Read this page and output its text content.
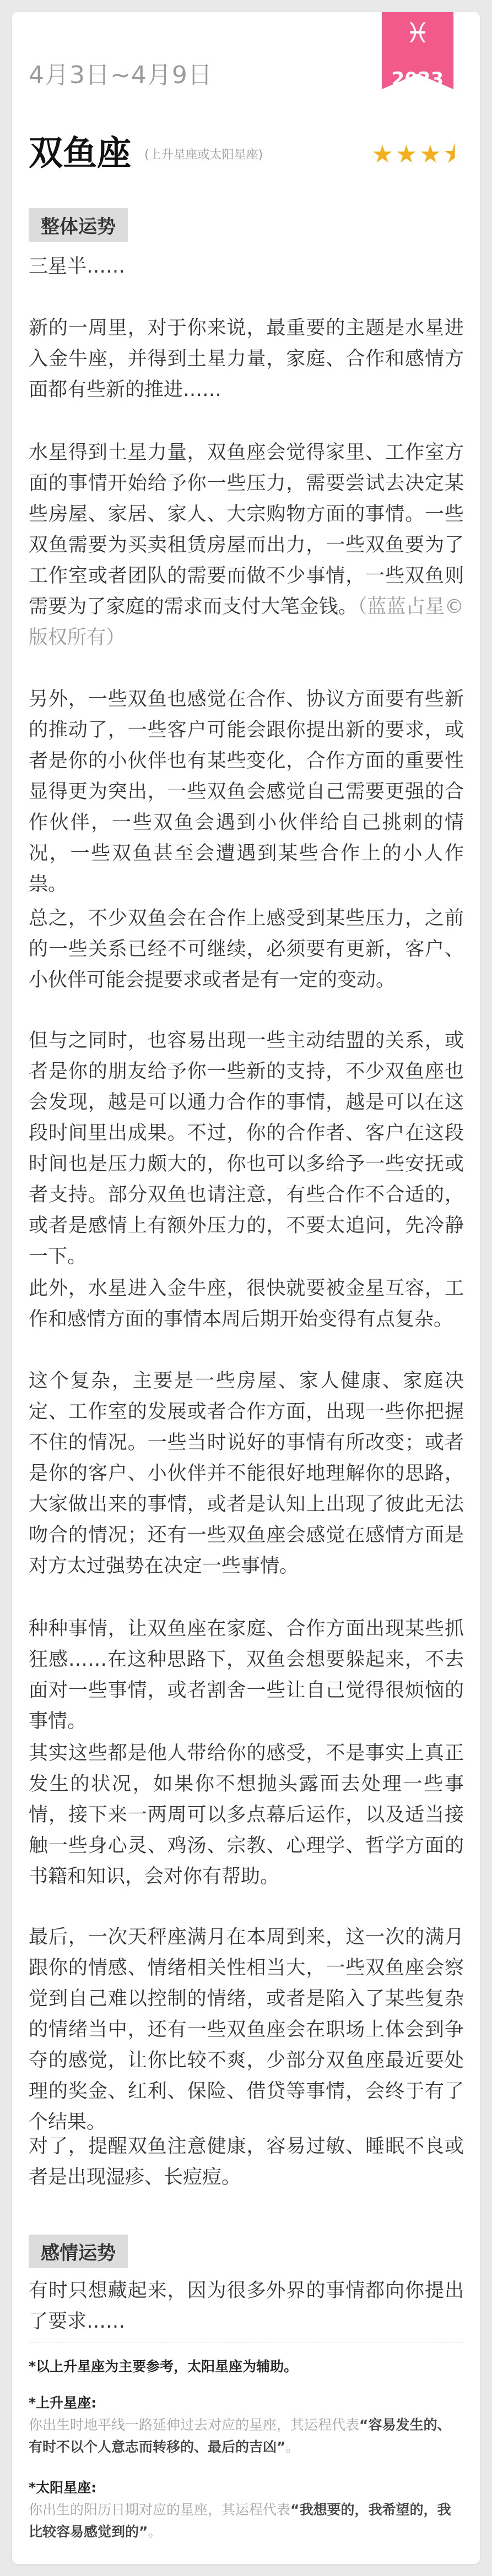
4月3日~4月9日
♓
2023
双鱼座 (上升星座或太阳星座)	★★★⯨
整体运势

三星半……

新的一周里，对于你来说，最重要的主题是水星进入金牛座，并得到土星力量，家庭、合作和感情方面都有些新的推进……

水星得到土星力量，双鱼座会觉得家里、工作室方面的事情开始给予你一些压力，需要尝试去决定某些房屋、家居、家人、大宗购物方面的事情。一些双鱼需要为买卖租赁房屋而出力，一些双鱼要为了工作室或者团队的需要而做不少事情，一些双鱼则需要为了家庭的需求而支付大笔金钱。（蓝蓝占星©版权所有）

另外，一些双鱼也感觉在合作、协议方面要有些新的推动了，一些客户可能会跟你提出新的要求，或者是你的小伙伴也有某些变化，合作方面的重要性显得更为突出，一些双鱼会感觉自己需要更强的合作伙伴，一些双鱼会遇到小伙伴给自己挑刺的情况，一些双鱼甚至会遭遇到某些合作上的小人作祟。

总之，不少双鱼会在合作上感受到某些压力，之前的一些关系已经不可继续，必须要有更新，客户、小伙伴可能会提要求或者是有一定的变动。

但与之同时，也容易出现一些主动结盟的关系，或者是你的朋友给予你一些新的支持，不少双鱼座也会发现，越是可以通力合作的事情，越是可以在这段时间里出成果。不过，你的合作者、客户在这段时间也是压力颇大的，你也可以多给予一些安抚或者支持。部分双鱼也请注意，有些合作不合适的，或者是感情上有额外压力的，不要太追问，先冷静一下。

此外，水星进入金牛座，很快就要被金星互容，工作和感情方面的事情本周后期开始变得有点复杂。

这个复杂，主要是一些房屋、家人健康、家庭决定、工作室的发展或者合作方面，出现一些你把握不住的情况。一些当时说好的事情有所改变；或者是你的客户、小伙伴并不能很好地理解你的思路，大家做出来的事情，或者是认知上出现了彼此无法吻合的情况；还有一些双鱼座会感觉在感情方面是对方太过强势在决定一些事情。

种种事情，让双鱼座在家庭、合作方面出现某些抓狂感……在这种思路下，双鱼会想要躲起来，不去面对一些事情，或者割舍一些让自己觉得很烦恼的事情。

其实这些都是他人带给你的感受，不是事实上真正发生的状况，如果你不想抛头露面去处理一些事情，接下来一两周可以多点幕后运作，以及适当接触一些身心灵、鸡汤、宗教、心理学、哲学方面的书籍和知识，会对你有帮助。

最后，一次天秤座满月在本周到来，这一次的满月跟你的情感、情绪相关性相当大，一些双鱼座会察觉到自己难以控制的情绪，或者是陷入了某些复杂的情绪当中，还有一些双鱼座会在职场上体会到争夺的感觉，让你比较不爽，少部分双鱼座最近要处理的奖金、红利、保险、借贷等事情，会终于有了个结果。

对了，提醒双鱼注意健康，容易过敏、睡眠不良或者是出现湿疹、长痘痘。

感情运势

有时只想藏起来，因为很多外界的事情都向你提出了要求……

*以上升星座为主要参考，太阳星座为辅助。
*上升星座:
你出生时地平线一路延伸过去对应的星座，其运程代表“容易发生的、有时不以个人意志而转移的、最后的吉凶”。
*太阳星座:
你出生的阳历日期对应的星座，其运程代表“我想要的，我希望的，我比较容易感觉到的”。
